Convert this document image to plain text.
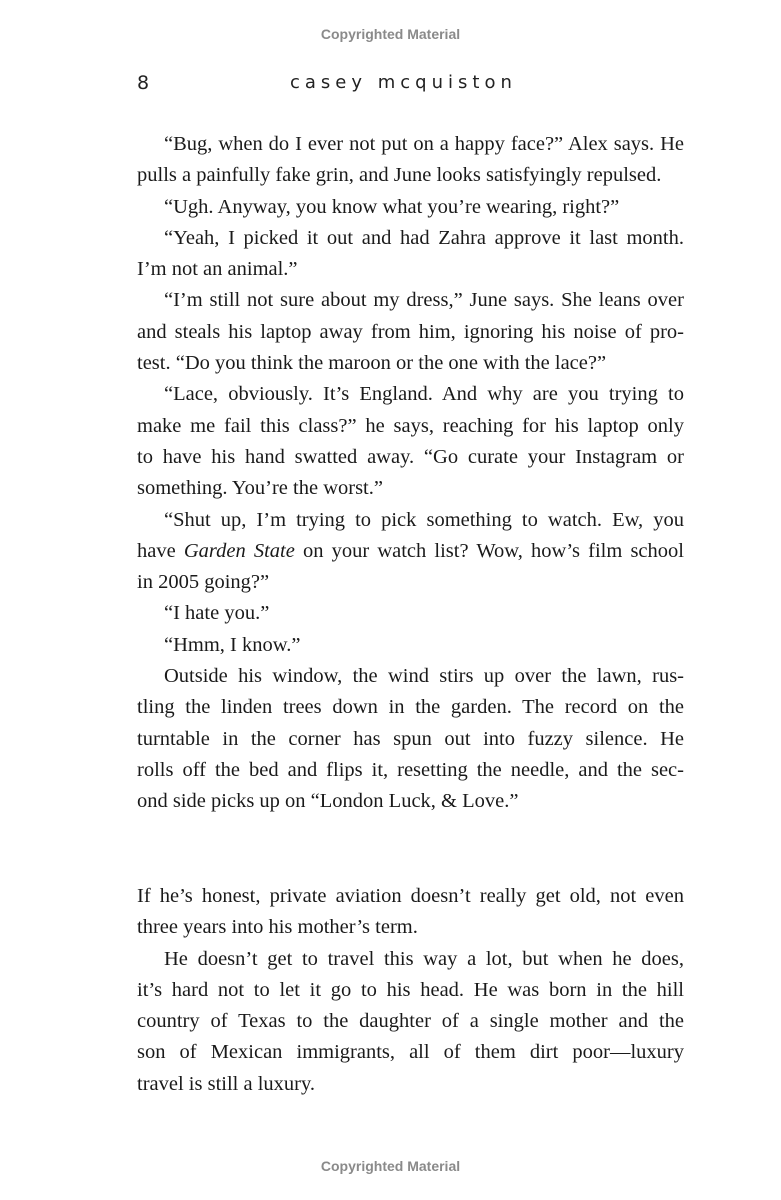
Copyrighted Material
8	casey mcquiston
“Bug, when do I ever not put on a happy face?” Alex says. He
pulls a painfully fake grin, and June looks satisfyingly repulsed.
“Ugh. Anyway, you know what you’re wearing, right?”
“Yeah, I picked it out and had Zahra approve it last month.
I’m not an animal.”
“I’m still not sure about my dress,” June says. She leans over
and steals his laptop away from him, ignoring his noise of pro-
test. “Do you think the maroon or the one with the lace?”
“Lace, obviously. It’s England. And why are you trying to
make me fail this class?” he says, reaching for his laptop only
to have his hand swatted away. “Go curate your Instagram or
something. You’re the worst.”
“Shut up, I’m trying to pick something to watch. Ew, you
have Garden State on your watch list? Wow, how’s film school
in 2005 going?”
“I hate you.”
“Hmm, I know.”
Outside his window, the wind stirs up over the lawn, rus-
tling the linden trees down in the garden. The record on the
turntable in the corner has spun out into fuzzy silence. He
rolls off the bed and flips it, resetting the needle, and the sec-
ond side picks up on “London Luck, & Love.”
If he’s honest, private aviation doesn’t really get old, not even
three years into his mother’s term.
He doesn’t get to travel this way a lot, but when he does,
it’s hard not to let it go to his head. He was born in the hill
country of Texas to the daughter of a single mother and the
son of Mexican immigrants, all of them dirt poor—luxury
travel is still a luxury.
Copyrighted Material
